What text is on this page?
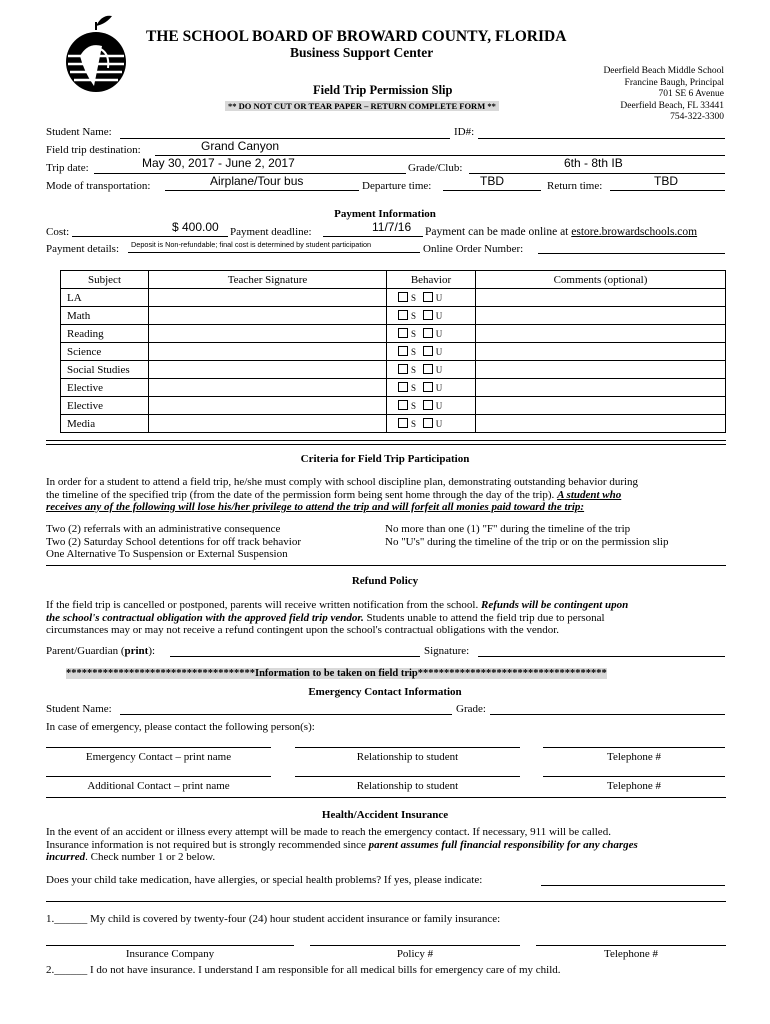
THE SCHOOL BOARD OF BROWARD COUNTY, FLORIDA
Business Support Center
Field Trip Permission Slip
** DO NOT CUT OR TEAR PAPER – RETURN COMPLETE FORM **
Deerfield Beach Middle School
Francine Baugh, Principal
701 SE 6 Avenue
Deerfield Beach, FL 33441
754-322-3300
Student Name:	ID#:
Field trip destination:	Grand Canyon
Trip date:	May 30, 2017 - June 2, 2017	Grade/Club:	6th - 8th IB
Mode of transportation:	Airplane/Tour bus	Departure time:	TBD	Return time:	TBD
Payment Information
Cost:	$ 400.00 Payment deadline:	11/7/16 Payment can be made online at estore.browardschools.com
Payment details: Deposit is Non-refundable; final cost is determined by student participation	Online Order Number:
Subject	Teacher Signature	Behavior	Comments (optional)
LA		S U	
Math		S U	
Reading		S U	
Science		S U	
Social Studies		S U	
Elective		S U	
Elective		S U	
Media		S U	
Criteria for Field Trip Participation
In order for a student to attend a field trip, he/she must comply with school discipline plan, demonstrating outstanding behavior during
the timeline of the specified trip (from the date of the permission form being sent home through the day of the trip). A student who
receives any of the following will lose his/her privilege to attend the trip and will forfeit all monies paid toward the trip:
Two (2) referrals with an administrative consequence
Two (2) Saturday School detentions for off track behavior
One Alternative To Suspension or External Suspension
No more than one (1) "F" during the timeline of the trip
No "U's" during the timeline of the trip or on the permission slip
Refund Policy
If the field trip is cancelled or postponed, parents will receive written notification from the school. Refunds will be contingent upon
the school's contractual obligation with the approved field trip vendor. Students unable to attend the field trip due to personal
circumstances may or may not receive a refund contingent upon the school's contractual obligations with the vendor.
Parent/Guardian (print):	Signature:
************************************Information to be taken on field trip************************************
Emergency Contact Information
Student Name:	Grade:
In case of emergency, please contact the following person(s):
Emergency Contact – print name	Relationship to student	Telephone #
Additional Contact – print name	Relationship to student	Telephone #
Health/Accident Insurance
In the event of an accident or illness every attempt will be made to reach the emergency contact. If necessary, 911 will be called.
Insurance information is not required but is strongly recommended since parent assumes full financial responsibility for any charges
incurred. Check number 1 or 2 below.
Does your child take medication, have allergies, or special health problems? If yes, please indicate:
1.______ My child is covered by twenty-four (24) hour student accident insurance or family insurance:
Insurance Company	Policy #	Telephone #
2.______ I do not have insurance. I understand I am responsible for all medical bills for emergency care of my child.
